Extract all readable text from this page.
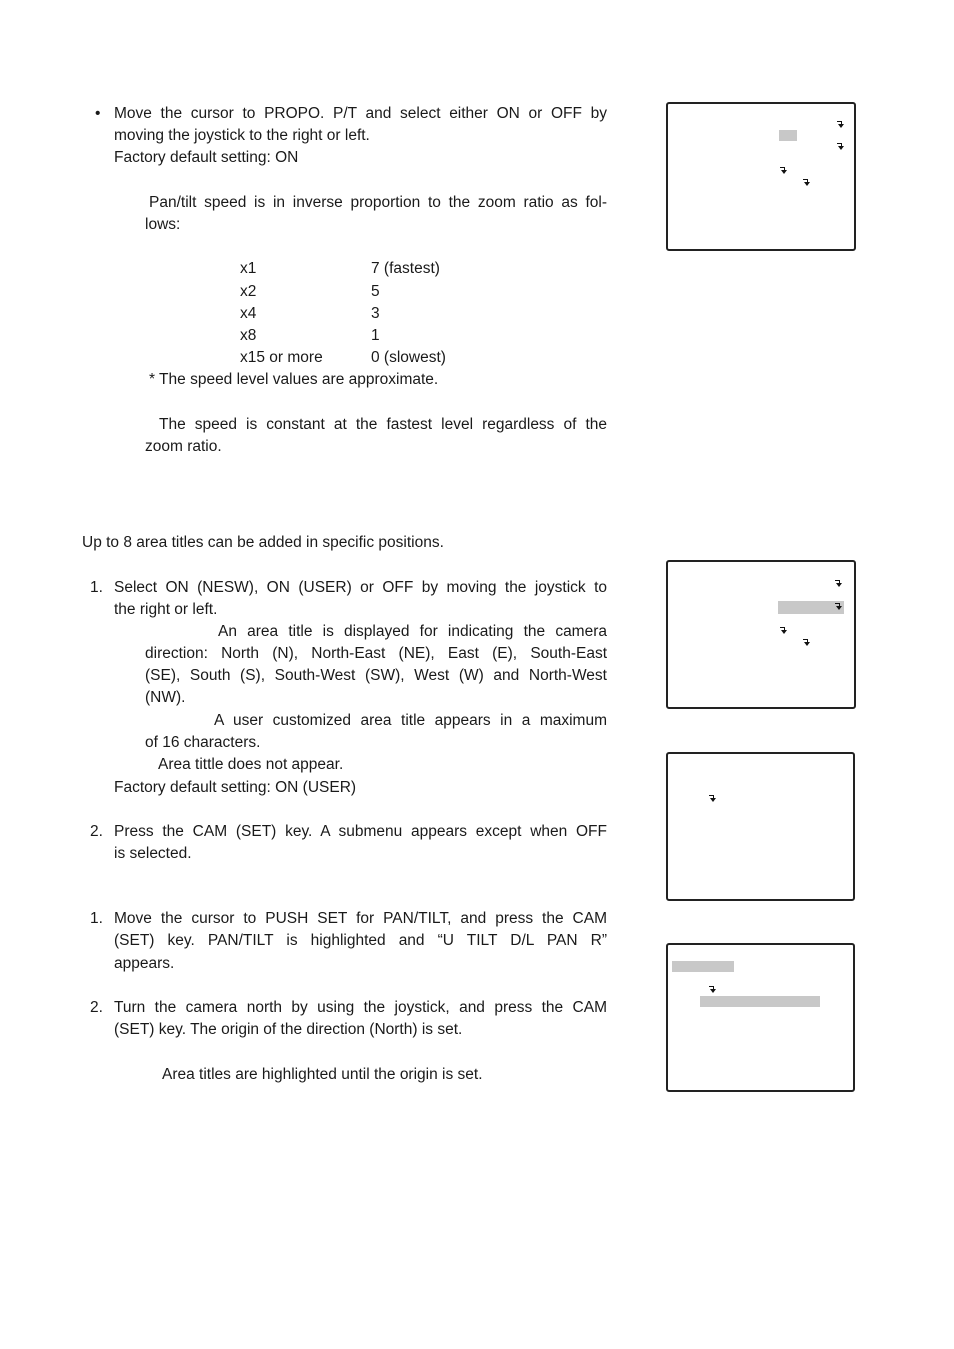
• Move the cursor to PROPO. P/T and select either ON or OFF by
moving the joystick to the right or left.
Factory default setting: ON
Pan/tilt speed is in inverse proportion to the zoom ratio as fol-
lows:
x1	7 (fastest)
x2	5
x4	3
x8	1
x15 or more	0 (slowest)
* The speed level values are approximate.
The speed is constant at the fastest level regardless of the
zoom ratio.
Up to 8 area titles can be added in specific positions.
1. Select ON (NESW), ON (USER) or OFF by moving the joystick to
the right or left.
An area title is displayed for indicating the camera
direction: North (N), North-East (NE), East (E), South-East
(SE), South (S), South-West (SW), West (W) and North-West
(NW).
A user customized area title appears in a maximum
of 16 characters.
Area tittle does not appear.
Factory default setting: ON (USER)
2. Press the CAM (SET) key. A submenu appears except when OFF
is selected.
1. Move the cursor to PUSH SET for PAN/TILT, and press the CAM
(SET) key. PAN/TILT is highlighted and “U TILT D/L PAN R”
appears.
2. Turn the camera north by using the joystick, and press the CAM
(SET) key. The origin of the direction (North) is set.
Area titles are highlighted until the origin is set.
